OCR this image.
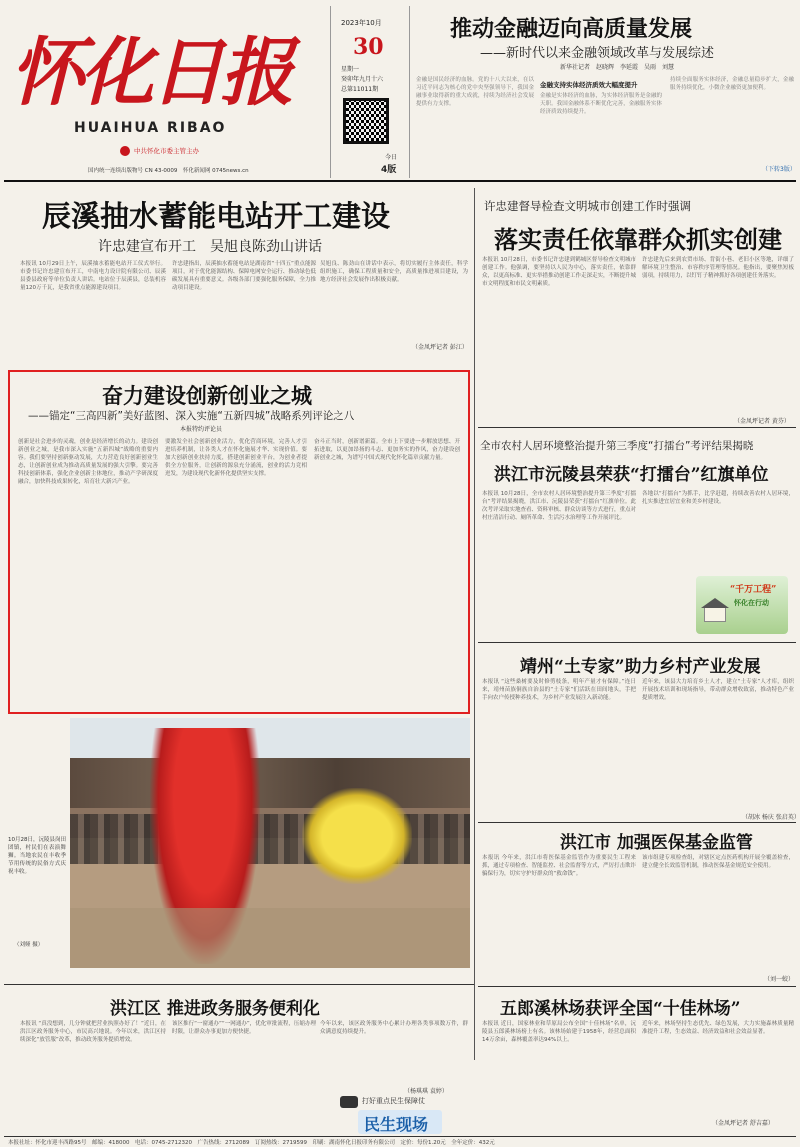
怀化日报
HUAIHUA RIBAO
中共怀化市委主管主办
国内统一连续出版物号 CN 43-0009　怀化新闻网 0745news.cn
2023年10月
30
星期一
癸卯年九月十六
总第11011期
今日
4版
推动金融迈向高质量发展
——新时代以来金融领域改革与发展综述
新华社记者　赵晓辉　李延霞　吴雨　刘慧
金融是国民经济的血脉。党的十八大以来，在以习近平同志为核心的党中央坚强领导下，我国金融事业取得新的重大成就，持续为经济社会发展提供有力支撑。
金融支持实体经济质效大幅度提升
金融是实体经济的血脉，为实体经济服务是金融的天职。我国金融体系不断优化完善，金融服务实体经济质效持续提升。
持续全面服务实体经济，金融总量稳步扩大，金融服务持续优化，小微企业融资更加便利。
（下转3版）
辰溪抽水蓄能电站开工建设
许忠建宣布开工　吴旭良陈劲山讲话
本报讯 10月29日上午，辰溪抽水蓄能电站开工仪式举行。市委书记许忠建宣布开工，中南电力设计院有限公司、辰溪县委县政府等单位负责人讲话。电站位于辰溪县，总装机容量120万千瓦，是我省重点能源建设项目。
许忠建指出，辰溪抽水蓄能电站是湖南省“十四五”重点能源项目，对于优化能源结构、保障电网安全运行、推动绿色低碳发展具有重要意义。各级各部门要强化服务保障，全力推动项目建设。
吴旭良、陈劲山在讲话中表示，将切实履行主体责任，科学组织施工，确保工程质量和安全，高质量推进项目建设，为地方经济社会发展作出积极贡献。
（金凤坪记者 彭江）
许忠建督导检查文明城市创建工作时强调
落实责任依靠群众抓实创建
本报讯 10月28日，市委书记许忠建到鹤城区督导检查文明城市创建工作。他强调，要坚持以人民为中心，落实责任，依靠群众，以更高标准、更实举措推动创建工作走深走实，不断提升城市文明程度和市民文明素质。
许忠建先后来到农贸市场、背街小巷、老旧小区等地，详细了解环境卫生整治、市容秩序管理等情况。他指出，要聚焦短板弱项，持续用力，以钉钉子精神抓好各项创建任务落实。
（金凤坪记者 黄芬）
奋力建设创新创业之城
——锚定“三高四新”美好蓝图、深入实施“五新四城”战略系列评论之八
本报特约评论员
创新是社会进步的灵魂，创业是经济增长的动力。建设创新创业之城，是我市深入实施“五新四城”战略的重要内容。我们要坚持创新驱动发展，大力营造良好创新创业生态，让创新创业成为推动高质量发展的强大引擎。要完善科技创新体系，强化企业创新主体地位，推动产学研深度融合，加快科技成果转化，培育壮大新兴产业。
要激发全社会创新创业活力，优化营商环境，完善人才引进培养机制，让各类人才在怀化施展才华、实现价值。要加大创新创业扶持力度，搭建创新创业平台，为创业者提供全方位服务，让创新的源泉充分涌流，创业的活力竞相迸发，为建设现代化新怀化提供坚实支撑。
奋斗正当时，创新谱新篇。全市上下要进一步解放思想、开拓进取，以更加昂扬的斗志、更加务实的作风，奋力建设创新创业之城，为谱写中国式现代化怀化篇章贡献力量。
全市农村人居环境整治提升第三季度“打擂台”考评结果揭晓
洪江市沅陵县荣获“打擂台”红旗单位
本报讯 10月28日，全市农村人居环境整治提升第三季度“打擂台”考评结果揭晓，洪江市、沅陵县荣获“打擂台”红旗单位。此次考评采取实地查看、资料审核、群众访谈等方式进行，重点对村庄清洁行动、厕所革命、生活污水治理等工作开展评比。
各地以“打擂台”为抓手，比学赶超，持续改善农村人居环境，扎实推进宜居宜业和美乡村建设。
“千万工程”
怀化在行动
靖州“土专家”助力乡村产业发展
本报讯 “这些桑树要及时修剪枝条，明年产量才有保障。”连日来，靖州苗族侗族自治县的“土专家”们活跃在田间地头，手把手向农户传授种养技术，为乡村产业发展注入新动能。
近年来，该县大力培育乡土人才，建立“土专家”人才库，组织开展技术培训和现场指导，带动群众增收致富，推动特色产业提质增效。
（胡冰 杨庆 张启英）
10月28日，沅陵县岗田团镇，村民们在表演舞狮。当地农民在丰收季节用传统的民俗方式庆祝丰收。
（刘娅 摄）
洪江市 加强医保基金监管
本报讯 今年来，洪江市将医保基金监管作为重要民生工程来抓，通过专项检查、智能监控、社会监督等方式，严厉打击欺诈骗保行为，切实守护好群众的“救命钱”。
该市组建专项检查组，对辖区定点医药机构开展全覆盖检查，建立健全长效监管机制，推动医保基金规范安全使用。
（刘一蛟）
洪江区 推进政务服务便利化
本报讯 “真没想到，几分钟就把营业执照办好了！”近日，在洪江区政务服务中心，市民高兴地说。今年以来，洪江区持续深化“放管服”改革，推动政务服务提质增效。
该区推行“一窗通办”“一网通办”，优化审批流程，压缩办理时限，让群众办事更加方便快捷。
今年以来，该区政务服务中心累计办理各类事项数万件，群众满意度持续提升。
（杨琪琪 袁婷）
打好重点民生保障仗
民生现场
五郎溪林场获评全国“十佳林场”
本报讯 近日，国家林业和草原局公布全国“十佳林场”名单，沅陵县五郎溪林场榜上有名。该林场始建于1958年，经营总面积14万余亩，森林覆盖率达94%以上。
近年来，林场坚持生态优先、绿色发展，大力实施森林质量精准提升工程，生态效益、经济效益和社会效益显著。
（金凤坪记者 舒吉嘉）
本报社址：怀化市迎丰西路95号　邮编：418000　电话：0745-2712320　广告热线：2712089　订阅热线：2719599　印刷：湖南怀化日报印务有限公司　定价：每份1.20元　全年定价：432元
